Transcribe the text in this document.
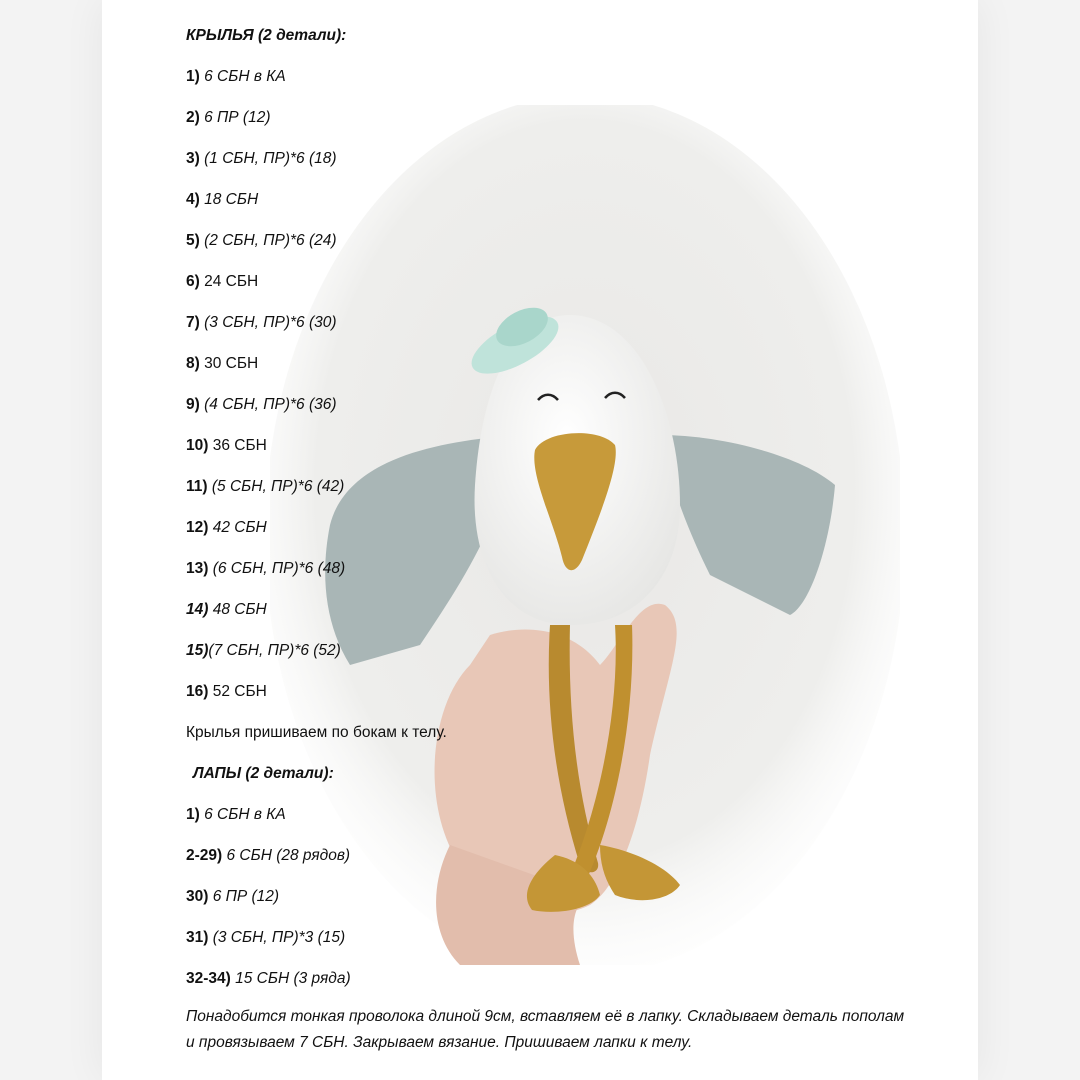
КРЫЛЬЯ (2 детали):
1) 6 СБН в КА
2) 6 ПР (12)
3) (1 СБН, ПР)*6 (18)
4) 18 СБН
5) (2 СБН, ПР)*6 (24)
6) 24 СБН
7) (3 СБН, ПР)*6 (30)
8) 30 СБН
9) (4 СБН, ПР)*6 (36)
10) 36 СБН
11) (5 СБН, ПР)*6 (42)
12) 42 СБН
13) (6 СБН, ПР)*6 (48)
14) 48 СБН
15)(7 СБН, ПР)*6 (52)
16) 52 СБН
Крылья пришиваем по бокам к телу.
ЛАПЫ (2 детали):
1) 6 СБН в КА
2-29) 6 СБН (28 рядов)
30) 6 ПР (12)
31) (3 СБН, ПР)*3 (15)
32-34) 15 СБН (3 ряда)
Понадобится тонкая проволока длиной 9см, вставляем её в лапку. Складываем деталь пополам и провязываем 7 СБН. Закрываем вязание. Пришиваем лапки к телу.
